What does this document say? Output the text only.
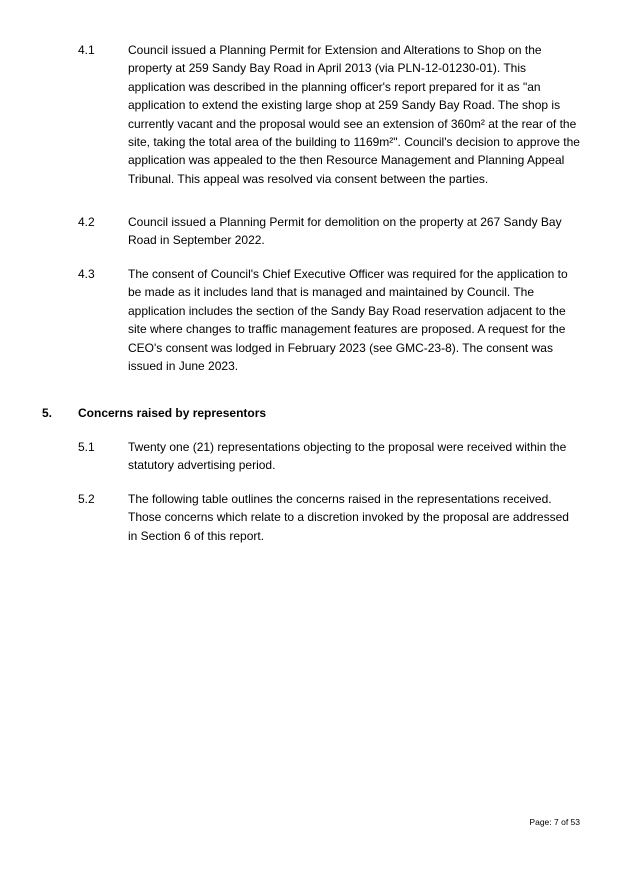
4.1	Council issued a Planning Permit for Extension and Alterations to Shop on the property at 259 Sandy Bay Road in April 2013 (via PLN-12-01230-01). This application was described in the planning officer's report prepared for it as "an application to extend the existing large shop at 259 Sandy Bay Road. The shop is currently vacant and the proposal would see an extension of 360m² at the rear of the site, taking the total area of the building to 1169m²". Council's decision to approve the application was appealed to the then Resource Management and Planning Appeal Tribunal. This appeal was resolved via consent between the parties.

4.2	Council issued a Planning Permit for demolition on the property at 267 Sandy Bay Road in September 2022.

4.3	The consent of Council's Chief Executive Officer was required for the application to be made as it includes land that is managed and maintained by Council. The application includes the section of the Sandy Bay Road reservation adjacent to the site where changes to traffic management features are proposed. A request for the CEO's consent was lodged in February 2023 (see GMC-23-8). The consent was issued in June 2023.

5. Concerns raised by representors
5.1	Twenty one (21) representations objecting to the proposal were received within the statutory advertising period.

5.2	The following table outlines the concerns raised in the representations received. Those concerns which relate to a discretion invoked by the proposal are addressed in Section 6 of this report.

Page: 7 of 53
